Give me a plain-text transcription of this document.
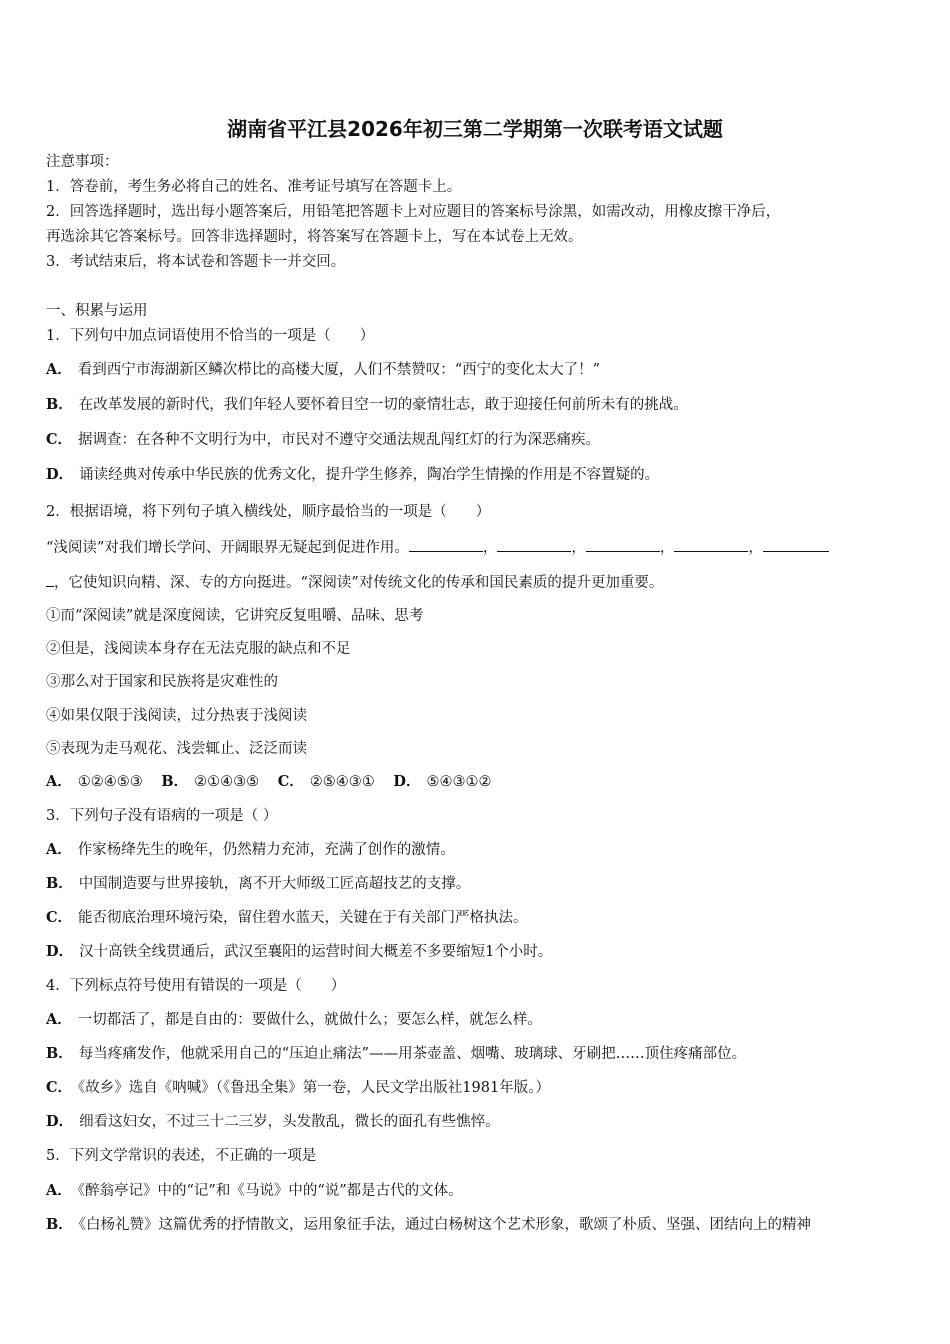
湖南省平江县2026年初三第二学期第一次联考语文试题
注意事项：
1．答卷前，考生务必将自己的姓名、准考证号填写在答题卡上。
2．回答选择题时，选出每小题答案后，用铅笔把答题卡上对应题目的答案标号涂黑，如需改动，用橡皮擦干净后，
再选涂其它答案标号。回答非选择题时，将答案写在答题卡上，写在本试卷上无效。
3．考试结束后，将本试卷和答题卡一并交回。
一、积累与运用
1．下列句中加点词语使用不恰当的一项是（　　）
A． 看到西宁市海湖新区鳞次栉比的高楼大厦，人们不禁赞叹：“西宁的变化太大了！”
B． 在改革发展的新时代，我们年轻人要怀着目空一切的豪情壮志，敢于迎接任何前所未有的挑战。
C． 据调查：在各种不文明行为中，市民对不遵守交通法规乱闯红灯的行为深恶痛疾。
D． 诵读经典对传承中华民族的优秀文化，提升学生修养，陶冶学生情操的作用是不容置疑的。
2．根据语境，将下列句子填入横线处，顺序最恰当的一项是（　　）
“浅阅读”对我们增长学问、开阔眼界无疑起到促进作用。	，	，	，	，
，它使知识向精、深、专的方向挺进。“深阅读”对传统文化的传承和国民素质的提升更加重要。
①而“深阅读”就是深度阅读，它讲究反复咀嚼、品味、思考
②但是，浅阅读本身存在无法克服的缺点和不足
③那么对于国家和民族将是灾难性的
④如果仅限于浅阅读，过分热衷于浅阅读
⑤表现为走马观花、浅尝辄止、泛泛而读
A． ①②④⑤③ B． ②①④③⑤ C． ②⑤④③① D． ⑤④③①②
3．下列句子没有语病的一项是（ ）
A． 作家杨绛先生的晚年，仍然精力充沛，充满了创作的激情。
B． 中国制造要与世界接轨，离不开大师级工匠高超技艺的支撑。
C． 能否彻底治理环境污染，留住碧水蓝天，关键在于有关部门严格执法。
D． 汉十高铁全线贯通后，武汉至襄阳的运营时间大概差不多要缩短1个小时。
4．下列标点符号使用有错误的一项是（　　）
A． 一切都活了，都是自由的：要做什么，就做什么；要怎么样，就怎么样。
B． 每当疼痛发作，他就采用自己的“压迫止痛法”——用茶壶盖、烟嘴、玻璃球、牙刷把……顶住疼痛部位。
C． 《故乡》选自《呐喊》（《鲁迅全集》第一卷，人民文学出版社1981年版。）
D． 细看这妇女，不过三十二三岁，头发散乱，微长的面孔有些憔悴。
5．下列文学常识的表述，不正确的一项是
A． 《醉翁亭记》中的“记”和《马说》中的“说”都是古代的文体。
B． 《白杨礼赞》这篇优秀的抒情散文，运用象征手法，通过白杨树这个艺术形象，歌颂了朴质、坚强、团结向上的精神
